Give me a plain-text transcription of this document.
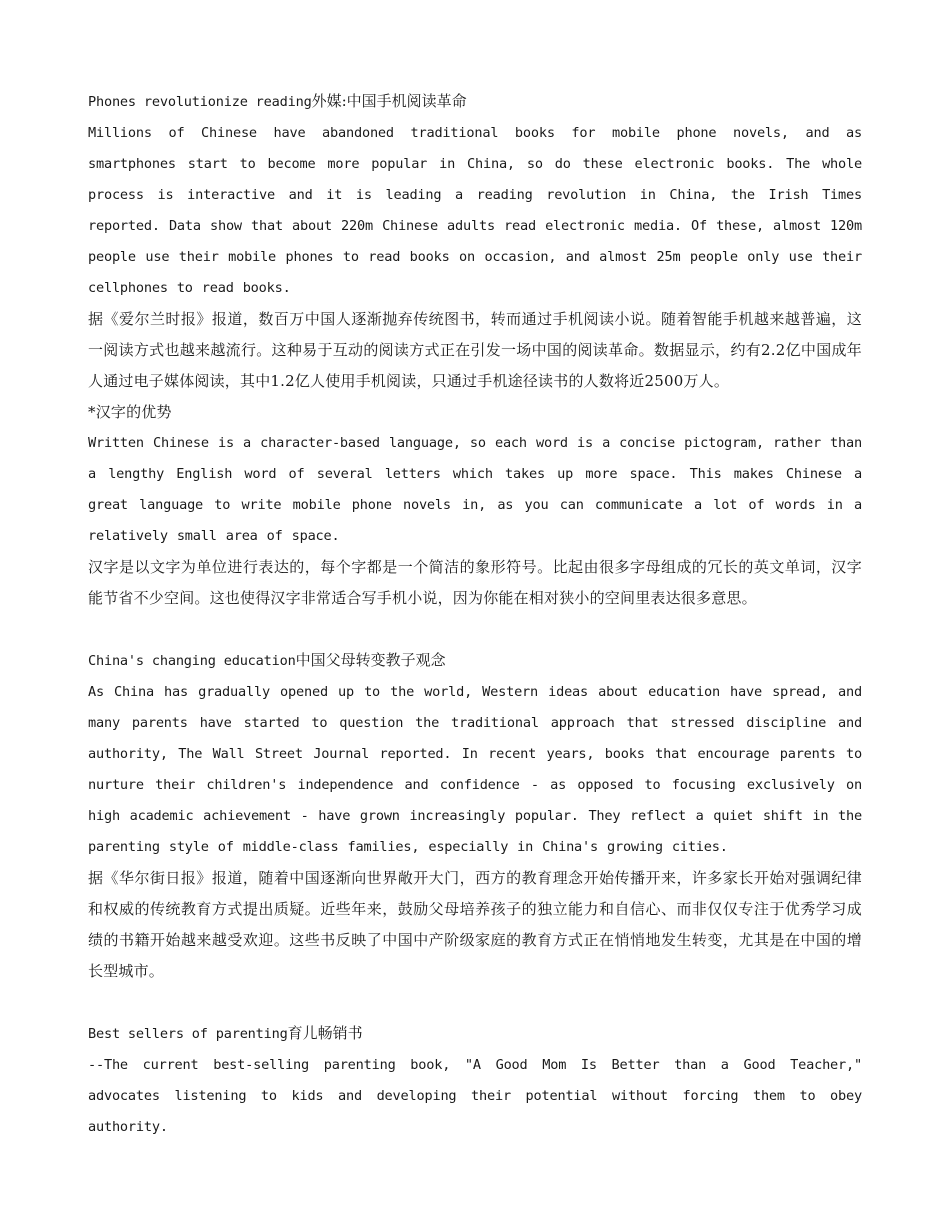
Phones revolutionize reading外媒:中国手机阅读革命

Millions of Chinese have abandoned traditional books for mobile phone novels, and as smartphones start to become more popular in China, so do these electronic books. The whole process is interactive and it is leading a reading revolution in China, the Irish Times reported. Data show that about 220m Chinese adults read electronic media. Of these, almost 120m people use their mobile phones to read books on occasion, and almost 25m people only use their cellphones to read books.

据《爱尔兰时报》报道，数百万中国人逐渐抛弃传统图书，转而通过手机阅读小说。随着智能手机越来越普遍，这一阅读方式也越来越流行。这种易于互动的阅读方式正在引发一场中国的阅读革命。数据显示，约有2.2亿中国成年人通过电子媒体阅读，其中1.2亿人使用手机阅读，只通过手机途径读书的人数将近2500万人。

*汉字的优势

Written Chinese is a character-based language, so each word is a concise pictogram, rather than a lengthy English word of several letters which takes up more space. This makes Chinese a great language to write mobile phone novels in, as you can communicate a lot of words in a relatively small area of space.

汉字是以文字为单位进行表达的，每个字都是一个简洁的象形符号。比起由很多字母组成的冗长的英文单词，汉字能节省不少空间。这也使得汉字非常适合写手机小说，因为你能在相对狭小的空间里表达很多意思。

China's changing education中国父母转变教子观念

As China has gradually opened up to the world, Western ideas about education have spread, and many parents have started to question the traditional approach that stressed discipline and authority, The Wall Street Journal reported. In recent years, books that encourage parents to nurture their children's independence and confidence - as opposed to focusing exclusively on high academic achievement - have grown increasingly popular. They reflect a quiet shift in the parenting style of middle-class families, especially in China's growing cities.

据《华尔街日报》报道，随着中国逐渐向世界敞开大门，西方的教育理念开始传播开来，许多家长开始对强调纪律和权威的传统教育方式提出质疑。近些年来，鼓励父母培养孩子的独立能力和自信心、而非仅仅专注于优秀学习成绩的书籍开始越来越受欢迎。这些书反映了中国中产阶级家庭的教育方式正在悄悄地发生转变，尤其是在中国的增长型城市。

Best sellers of parenting育儿畅销书

--The current best-selling parenting book, "A Good Mom Is Better than a Good Teacher," advocates listening to kids and developing their potential without forcing them to obey authority.
